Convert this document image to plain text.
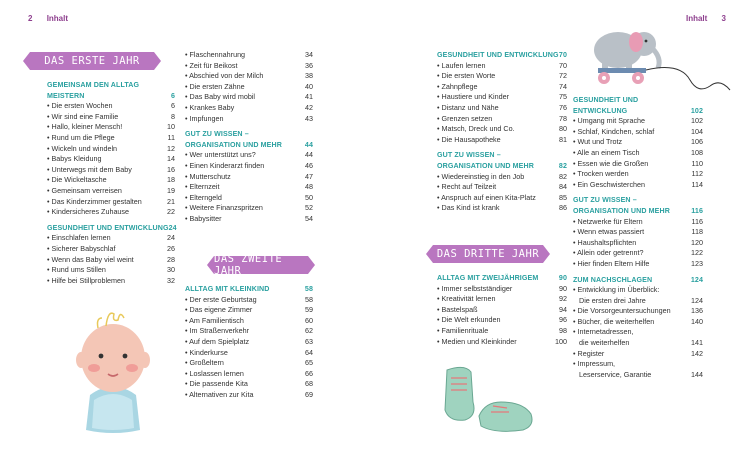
2 Inhalt
DAS ERSTE JAHR
GEMEINSAM DEN ALLTAG
MEISTERN	6
• Die ersten Wochen	6
• Wir sind eine Familie	8
• Hallo, kleiner Mensch!	10
• Rund um die Pflege	11
• Wickeln und windeln	12
• Babys Kleidung	14
• Unterwegs mit dem Baby	16
• Die Wickeltasche	18
• Gemeinsam verreisen	19
• Das Kinderzimmer gestalten	21
• Kindersicheres Zuhause	22
GESUNDHEIT UND ENTWICKLUNG 24
• Einschlafen lernen	24
• Sicherer Babyschlaf	26
• Wenn das Baby viel weint	28
• Rund ums Stillen	30
• Hilfe bei Stillproblemen	32
• Flaschennahrung	34
• Zeit für Beikost	36
• Abschied von der Milch	38
• Die ersten Zähne	40
• Das Baby wird mobil	41
• Krankes Baby	42
• Impfungen	43
GUT ZU WISSEN –
ORGANISATION UND MEHR	44
• Wer unterstützt uns?	44
• Einen Kinderarzt finden	46
• Mutterschutz	47
• Elternzeit	48
• Elterngeld	50
• Weitere Finanzspritzen	52
• Babysitter	54
DAS ZWEITE JAHR
ALLTAG MIT KLEINKIND	58
• Der erste Geburtstag	58
• Das eigene Zimmer	59
• Am Familientisch	60
• Im Straßenverkehr	62
• Auf dem Spielplatz	63
• Kinderkurse	64
• Großeltern	65
• Loslassen lernen	66
• Die passende Kita	68
• Alternativen zur Kita	69
Inhalt 3
GESUNDHEIT UND ENTWICKLUNG 70
• Laufen lernen	70
• Die ersten Worte	72
• Zahnpflege	74
• Haustiere und Kinder	75
• Distanz und Nähe	76
• Grenzen setzen	78
• Matsch, Dreck und Co.	80
• Die Hausapotheke	81
GUT ZU WISSEN –
ORGANISATION UND MEHR	82
• Wiedereinstieg in den Job	82
• Recht auf Teilzeit	84
• Anspruch auf einen Kita-Platz	85
• Das Kind ist krank	86
DAS DRITTE JAHR
ALLTAG MIT ZWEIJÄHRIGEM	90
• Immer selbstständiger	90
• Kreativität lernen	92
• Bastelspaß	94
• Die Welt erkunden	96
• Familienrituale	98
• Medien und Kleinkinder	100
GESUNDHEIT UND
ENTWICKLUNG	102
• Umgang mit Sprache	102
• Schlaf, Kindchen, schlaf	104
• Wut und Trotz	106
• Alle an einem Tisch	108
• Essen wie die Großen	110
• Trocken werden	112
• Ein Geschwisterchen	114
GUT ZU WISSEN –
ORGANISATION UND MEHR	116
• Netzwerke für Eltern	116
• Wenn etwas passiert	118
• Haushaltspflichten	120
• Allein oder getrennt?	122
• Hier finden Eltern Hilfe	123
ZUM NACHSCHLAGEN	124
• Entwicklung im Überblick:
Die ersten drei Jahre	124
• Die Vorsorgeuntersuchungen	136
• Bücher, die weiterhelfen	140
• Internetadressen,
die weiterhelfen	141
• Register	142
• Impressum,
Leserservice, Garantie	144
